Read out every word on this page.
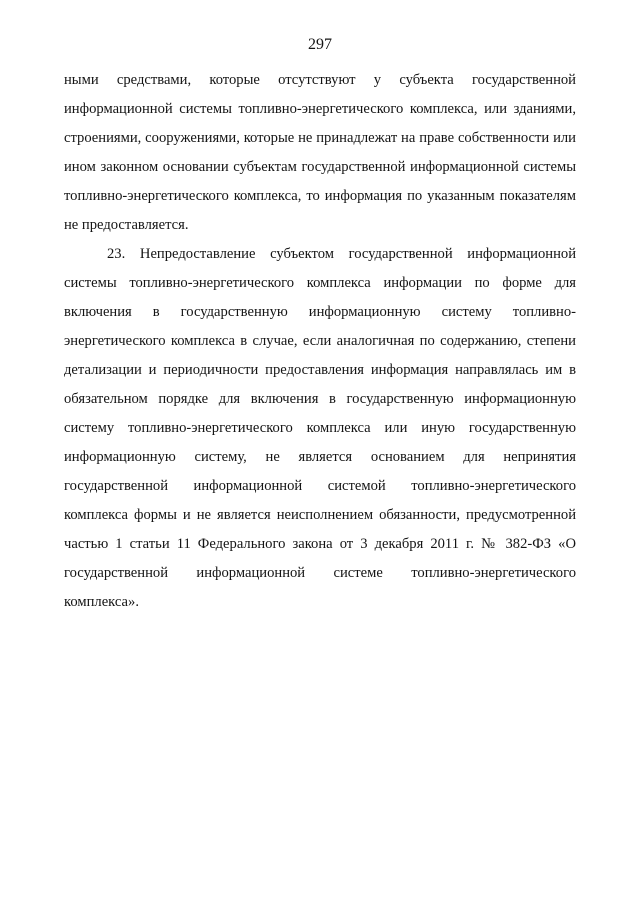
297

ными средствами, которые отсутствуют у субъекта государственной информационной системы топливно-энергетического комплекса, или зданиями, строениями, сооружениями, которые не принадлежат на праве собственности или ином законном основании субъектам государственной информационной системы топливно-энергетического комплекса, то информация по указанным показателям не предоставляется.

23. Непредоставление субъектом государственной информационной системы топливно-энергетического комплекса информации по форме для включения в государственную информационную систему топливно-энергетического комплекса в случае, если аналогичная по содержанию, степени детализации и периодичности предоставления информация направлялась им в обязательном порядке для включения в государственную информационную систему топливно-энергетического комплекса или иную государственную информационную систему, не является основанием для непринятия государственной информационной системой топливно-энергетического комплекса формы и не является неисполнением обязанности, предусмотренной частью 1 статьи 11 Федерального закона от 3 декабря 2011 г. № 382-ФЗ «О государственной информационной системе топливно-энергетического комплекса».
